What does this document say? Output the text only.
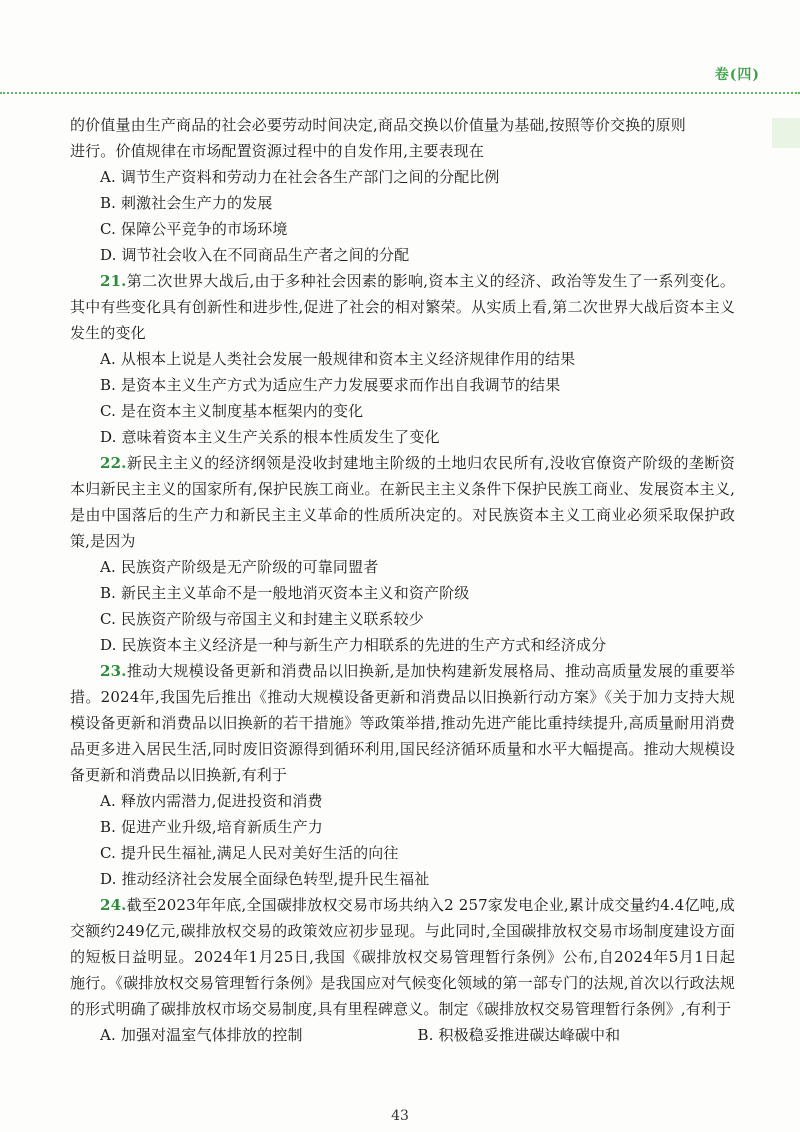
卷(四)

的价值量由生产商品的社会必要劳动时间决定,商品交换以价值量为基础,按照等价交换的原则

进行。价值规律在市场配置资源过程中的自发作用,主要表现在

A. 调节生产资料和劳动力在社会各生产部门之间的分配比例

B. 刺激社会生产力的发展

C. 保障公平竞争的市场环境

D. 调节社会收入在不同商品生产者之间的分配

21.第二次世界大战后,由于多种社会因素的影响,资本主义的经济、政治等发生了一系列变化。其中有些变化具有创新性和进步性,促进了社会的相对繁荣。从实质上看,第二次世界大战后资本主义发生的变化

A. 从根本上说是人类社会发展一般规律和资本主义经济规律作用的结果

B. 是资本主义生产方式为适应生产力发展要求而作出自我调节的结果

C. 是在资本主义制度基本框架内的变化

D. 意味着资本主义生产关系的根本性质发生了变化

22.新民主主义的经济纲领是没收封建地主阶级的土地归农民所有,没收官僚资产阶级的垄断资本归新民主主义的国家所有,保护民族工商业。在新民主主义条件下保护民族工商业、发展资本主义,是由中国落后的生产力和新民主主义革命的性质所决定的。对民族资本主义工商业必须采取保护政策,是因为

A. 民族资产阶级是无产阶级的可靠同盟者

B. 新民主主义革命不是一般地消灭资本主义和资产阶级

C. 民族资产阶级与帝国主义和封建主义联系较少

D. 民族资本主义经济是一种与新生产力相联系的先进的生产方式和经济成分

23.推动大规模设备更新和消费品以旧换新,是加快构建新发展格局、推动高质量发展的重要举措。2024年,我国先后推出《推动大规模设备更新和消费品以旧换新行动方案》《关于加力支持大规模设备更新和消费品以旧换新的若干措施》等政策举措,推动先进产能比重持续提升,高质量耐用消费品更多进入居民生活,同时废旧资源得到循环利用,国民经济循环质量和水平大幅提高。推动大规模设备更新和消费品以旧换新,有利于

A. 释放内需潜力,促进投资和消费

B. 促进产业升级,培育新质生产力

C. 提升民生福祉,满足人民对美好生活的向往

D. 推动经济社会发展全面绿色转型,提升民生福祉

24.截至2023年年底,全国碳排放权交易市场共纳入2 257家发电企业,累计成交量约4.4亿吨,成交额约249亿元,碳排放权交易的政策效应初步显现。与此同时,全国碳排放权交易市场制度建设方面的短板日益明显。2024年1月25日,我国《碳排放权交易管理暂行条例》公布,自2024年5月1日起施行。《碳排放权交易管理暂行条例》是我国应对气候变化领域的第一部专门的法规,首次以行政法规的形式明确了碳排放权市场交易制度,具有里程碑意义。制定《碳排放权交易管理暂行条例》,有利于

A. 加强对温室气体排放的控制	B. 积极稳妥推进碳达峰碳中和
43
